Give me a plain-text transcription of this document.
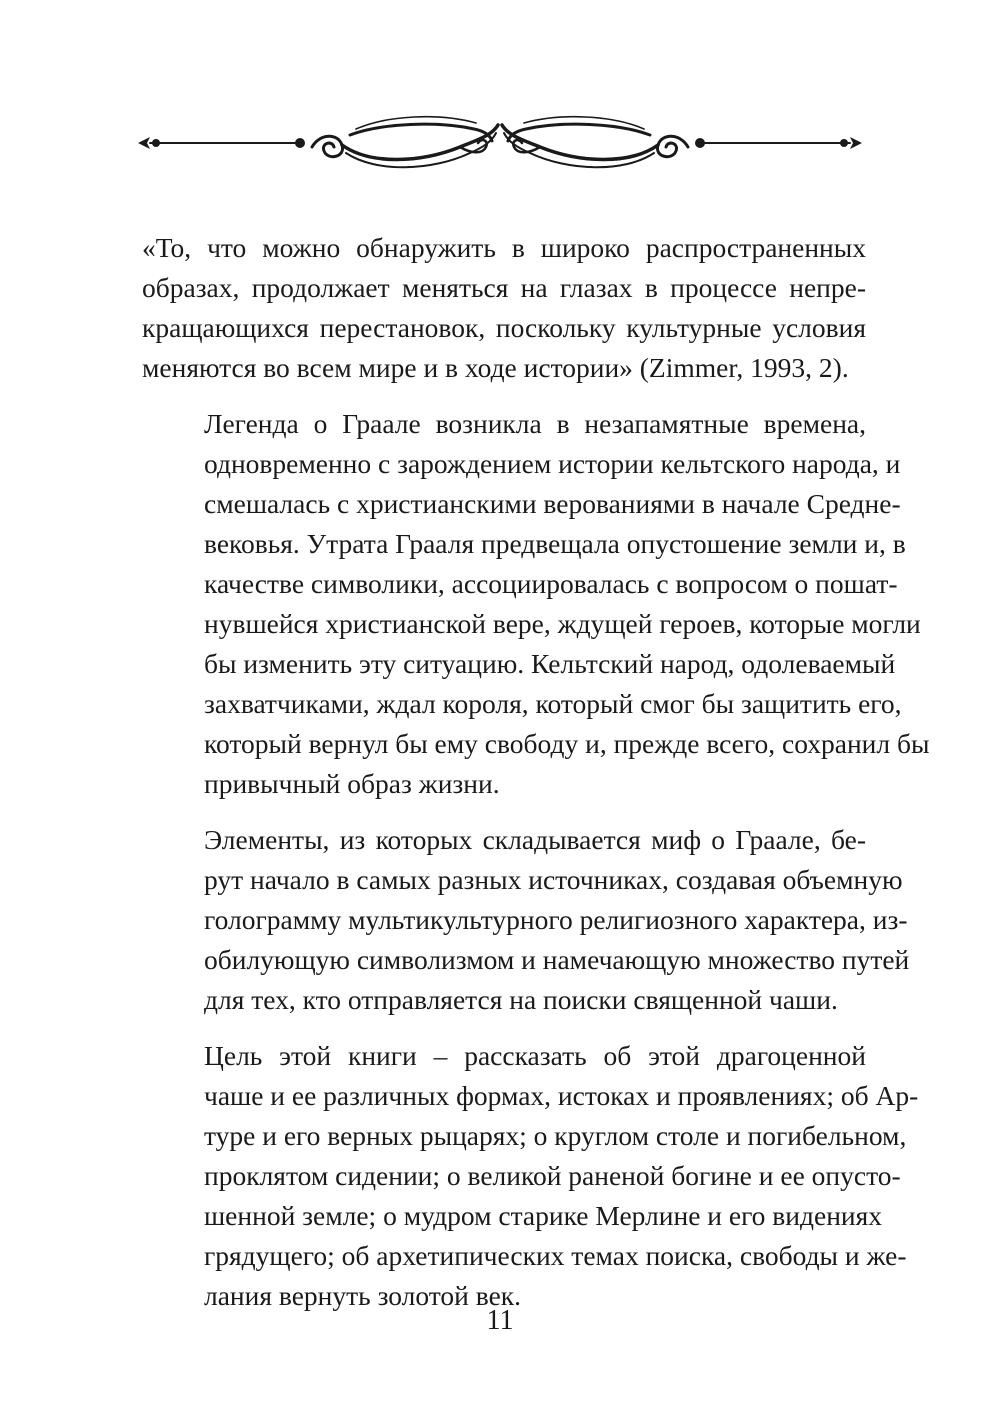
«То, что можно обнаружить в широко распространенных
образах, продолжает меняться на глазах в процессе непре-
кращающихся перестановок, поскольку культурные условия
меняются во всем мире и в ходе истории» (Zimmer, 1993, 2).

Легенда о Граале возникла в незапамятные времена,
одновременно с зарождением истории кельтского народа, и
смешалась с христианскими верованиями в начале Средне-
вековья. Утрата Грааля предвещала опустошение земли и, в
качестве символики, ассоциировалась с вопросом о пошат-
нувшейся христианской вере, ждущей героев, которые могли
бы изменить эту ситуацию. Кельтский народ, одолеваемый
захватчиками, ждал короля, который смог бы защитить его,
который вернул бы ему свободу и, прежде всего, сохранил бы
привычный образ жизни.

Элементы, из которых складывается миф о Граале, бе-
рут начало в самых разных источниках, создавая объемную
голограмму мультикультурного религиозного характера, из-
обилующую символизмом и намечающую множество путей
для тех, кто отправляется на поиски священной чаши.

Цель этой книги – рассказать об этой драгоценной
чаше и ее различных формах, истоках и проявлениях; об Ар-
туре и его верных рыцарях; о круглом столе и погибельном,
проклятом сидении; о великой раненой богине и ее опусто-
шенной земле; о мудром старике Мерлине и его видениях
грядущего; об архетипических темах поиска, свободы и же-
лания вернуть золотой век.

11
